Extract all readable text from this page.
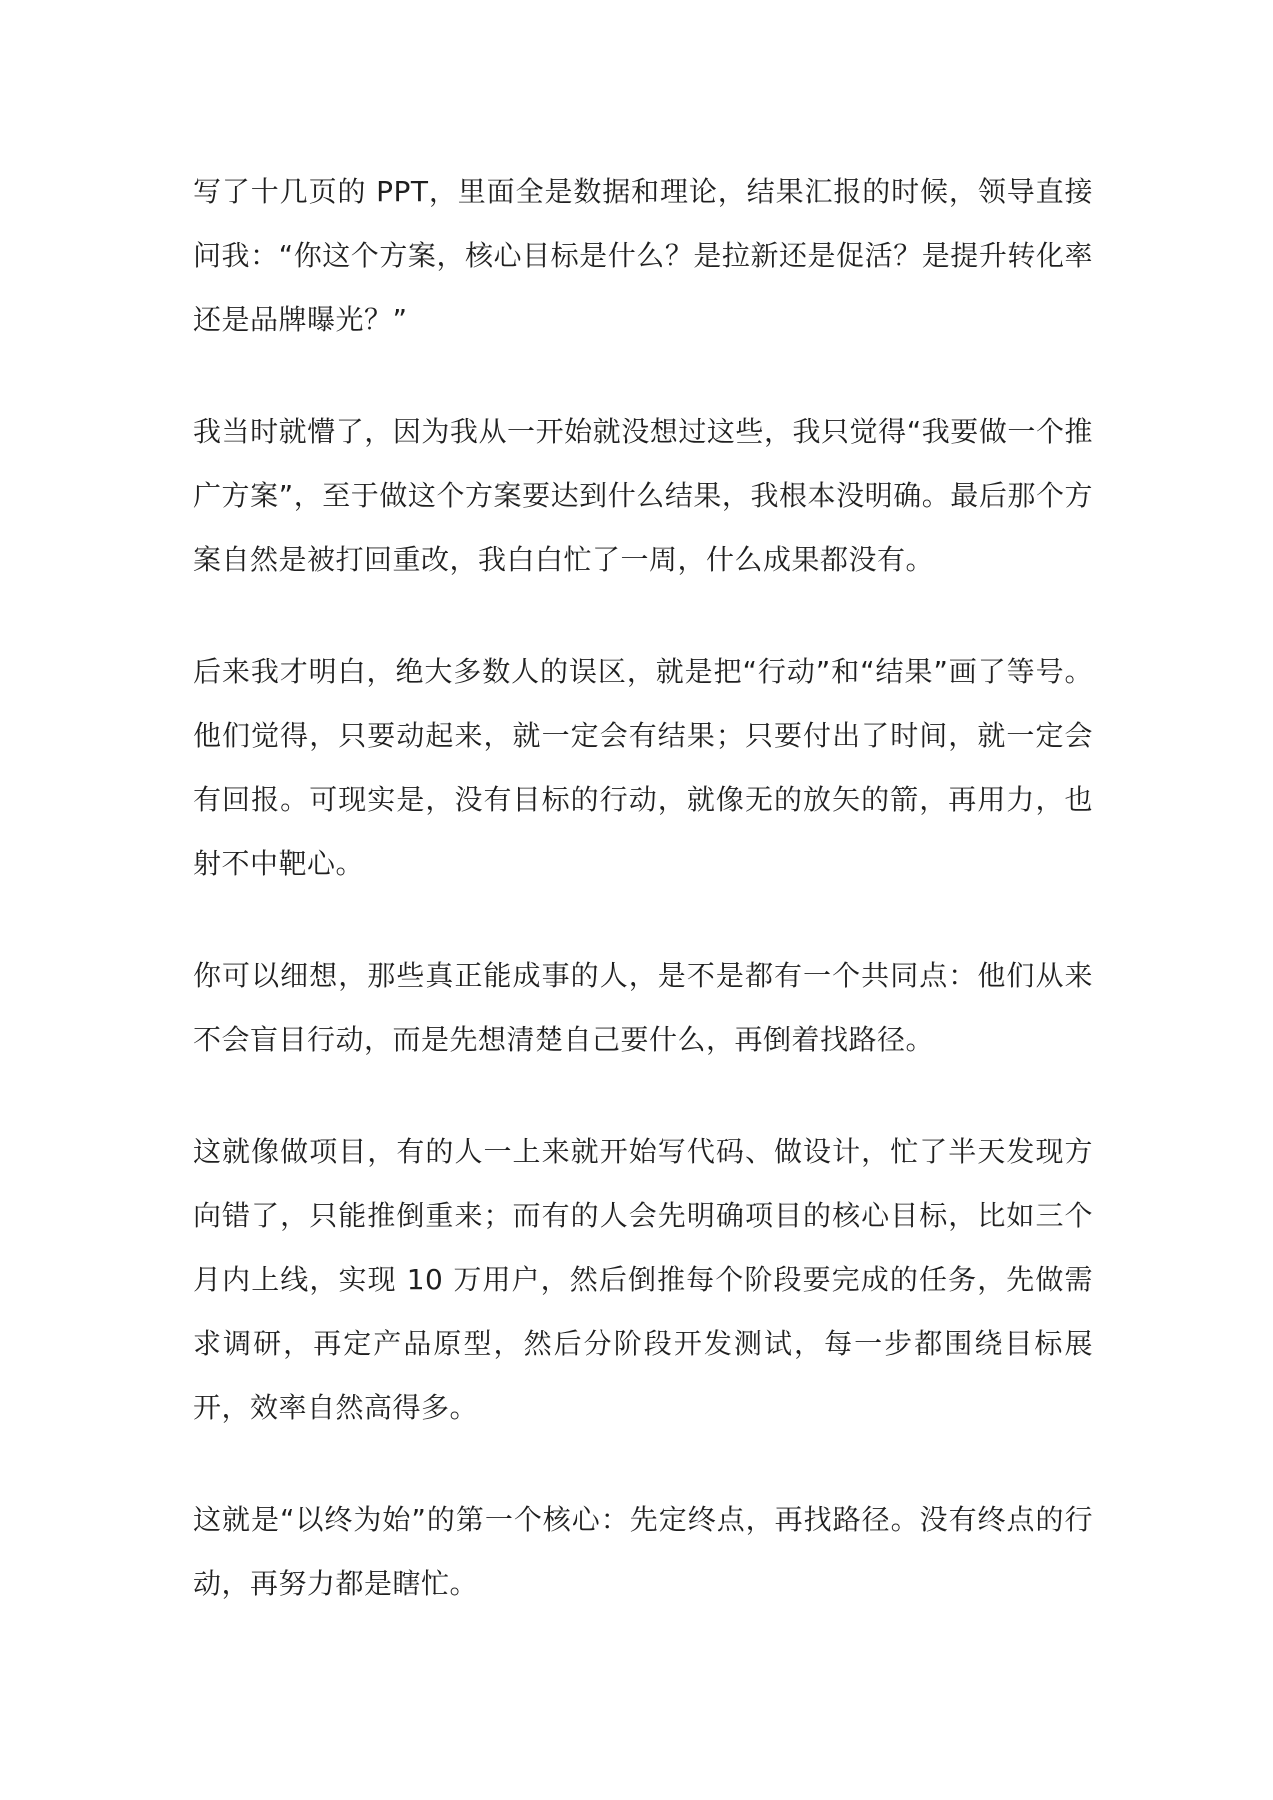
写了十几页的 PPT，里面全是数据和理论，结果汇报的时候，领导直接问我：“你这个方案，核心目标是什么？是拉新还是促活？是提升转化率还是品牌曝光？”

我当时就懵了，因为我从一开始就没想过这些，我只觉得“我要做一个推广方案”，至于做这个方案要达到什么结果，我根本没明确。最后那个方案自然是被打回重改，我白白忙了一周，什么成果都没有。

后来我才明白，绝大多数人的误区，就是把“行动”和“结果”画了等号。他们觉得，只要动起来，就一定会有结果；只要付出了时间，就一定会有回报。可现实是，没有目标的行动，就像无的放矢的箭，再用力，也射不中靶心。

你可以细想，那些真正能成事的人，是不是都有一个共同点：他们从来不会盲目行动，而是先想清楚自己要什么，再倒着找路径。

这就像做项目，有的人一上来就开始写代码、做设计，忙了半天发现方向错了，只能推倒重来；而有的人会先明确项目的核心目标，比如三个月内上线，实现 10 万用户，然后倒推每个阶段要完成的任务，先做需求调研，再定产品原型，然后分阶段开发测试，每一步都围绕目标展开，效率自然高得多。

这就是“以终为始”的第一个核心：先定终点，再找路径。没有终点的行动，再努力都是瞎忙。
